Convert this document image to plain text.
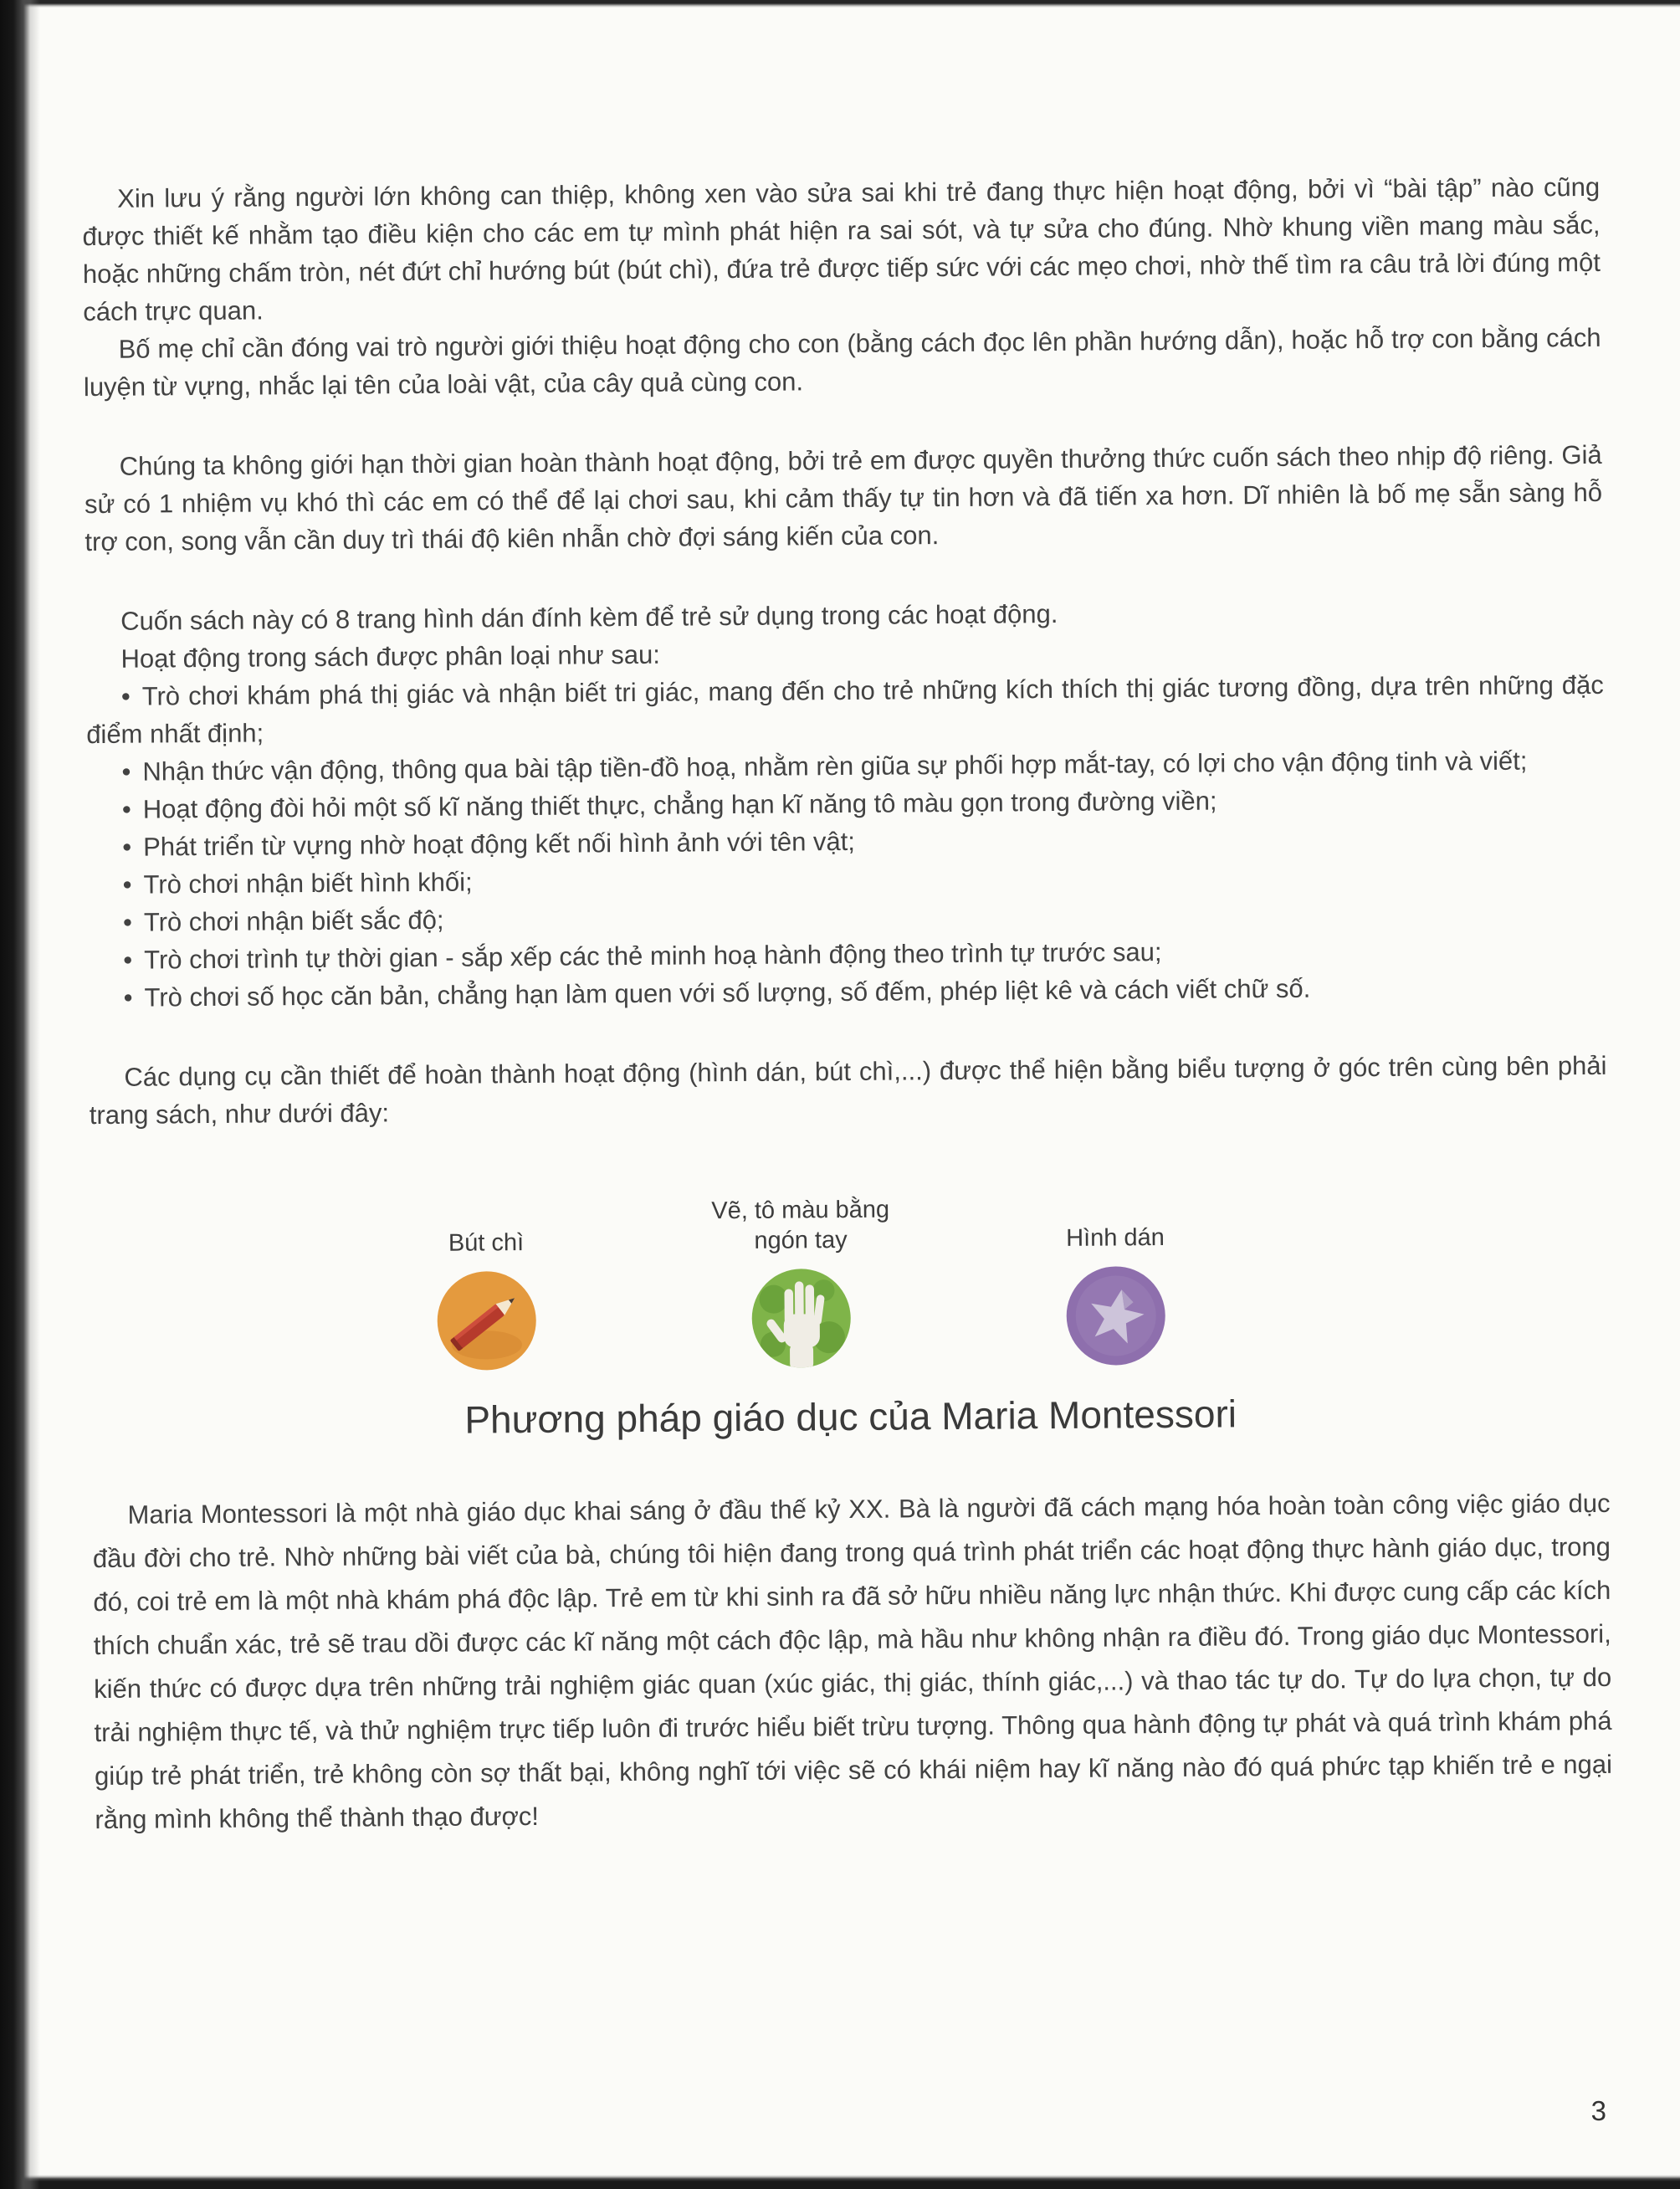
Xin lưu ý rằng người lớn không can thiệp, không xen vào sửa sai khi trẻ đang thực hiện hoạt động, bởi vì “bài tập” nào cũng được thiết kế nhằm tạo điều kiện cho các em tự mình phát hiện ra sai sót, và tự sửa cho đúng. Nhờ khung viền mang màu sắc, hoặc những chấm tròn, nét đứt chỉ hướng bút (bút chì), đứa trẻ được tiếp sức với các mẹo chơi, nhờ thế tìm ra câu trả lời đúng một cách trực quan.

Bố mẹ chỉ cần đóng vai trò người giới thiệu hoạt động cho con (bằng cách đọc lên phần hướng dẫn), hoặc hỗ trợ con bằng cách luyện từ vựng, nhắc lại tên của loài vật, của cây quả cùng con.

Chúng ta không giới hạn thời gian hoàn thành hoạt động, bởi trẻ em được quyền thưởng thức cuốn sách theo nhịp độ riêng. Giả sử có 1 nhiệm vụ khó thì các em có thể để lại chơi sau, khi cảm thấy tự tin hơn và đã tiến xa hơn. Dĩ nhiên là bố mẹ sẵn sàng hỗ trợ con, song vẫn cần duy trì thái độ kiên nhẫn chờ đợi sáng kiến của con.

Cuốn sách này có 8 trang hình dán đính kèm để trẻ sử dụng trong các hoạt động.

Hoạt động trong sách được phân loại như sau:

• Trò chơi khám phá thị giác và nhận biết tri giác, mang đến cho trẻ những kích thích thị giác tương đồng, dựa trên những đặc điểm nhất định;

• Nhận thức vận động, thông qua bài tập tiền-đồ hoạ, nhằm rèn giũa sự phối hợp mắt-tay, có lợi cho vận động tinh và viết;

• Hoạt động đòi hỏi một số kĩ năng thiết thực, chẳng hạn kĩ năng tô màu gọn trong đường viền;

• Phát triển từ vựng nhờ hoạt động kết nối hình ảnh với tên vật;

• Trò chơi nhận biết hình khối;

• Trò chơi nhận biết sắc độ;

• Trò chơi trình tự thời gian - sắp xếp các thẻ minh hoạ hành động theo trình tự trước sau;

• Trò chơi số học căn bản, chẳng hạn làm quen với số lượng, số đếm, phép liệt kê và cách viết chữ số.

Các dụng cụ cần thiết để hoàn thành hoạt động (hình dán, bút chì,...) được thể hiện bằng biểu tượng ở góc trên cùng bên phải trang sách, như dưới đây:

Bút chì
Vẽ, tô màu bằng ngón tay	Hình dán

Phương pháp giáo dục của Maria Montessori

Maria Montessori là một nhà giáo dục khai sáng ở đầu thế kỷ XX. Bà là người đã cách mạng hóa hoàn toàn công việc giáo dục đầu đời cho trẻ. Nhờ những bài viết của bà, chúng tôi hiện đang trong quá trình phát triển các hoạt động thực hành giáo dục, trong đó, coi trẻ em là một nhà khám phá độc lập. Trẻ em từ khi sinh ra đã sở hữu nhiều năng lực nhận thức. Khi được cung cấp các kích thích chuẩn xác, trẻ sẽ trau dồi được các kĩ năng một cách độc lập, mà hầu như không nhận ra điều đó. Trong giáo dục Montessori, kiến thức có được dựa trên những trải nghiệm giác quan (xúc giác, thị giác, thính giác,...) và thao tác tự do. Tự do lựa chọn, tự do trải nghiệm thực tế, và thử nghiệm trực tiếp luôn đi trước hiểu biết trừu tượng. Thông qua hành động tự phát và quá trình khám phá giúp trẻ phát triển, trẻ không còn sợ thất bại, không nghĩ tới việc sẽ có khái niệm hay kĩ năng nào đó quá phức tạp khiến trẻ e ngại rằng mình không thể thành thạo được!

3
